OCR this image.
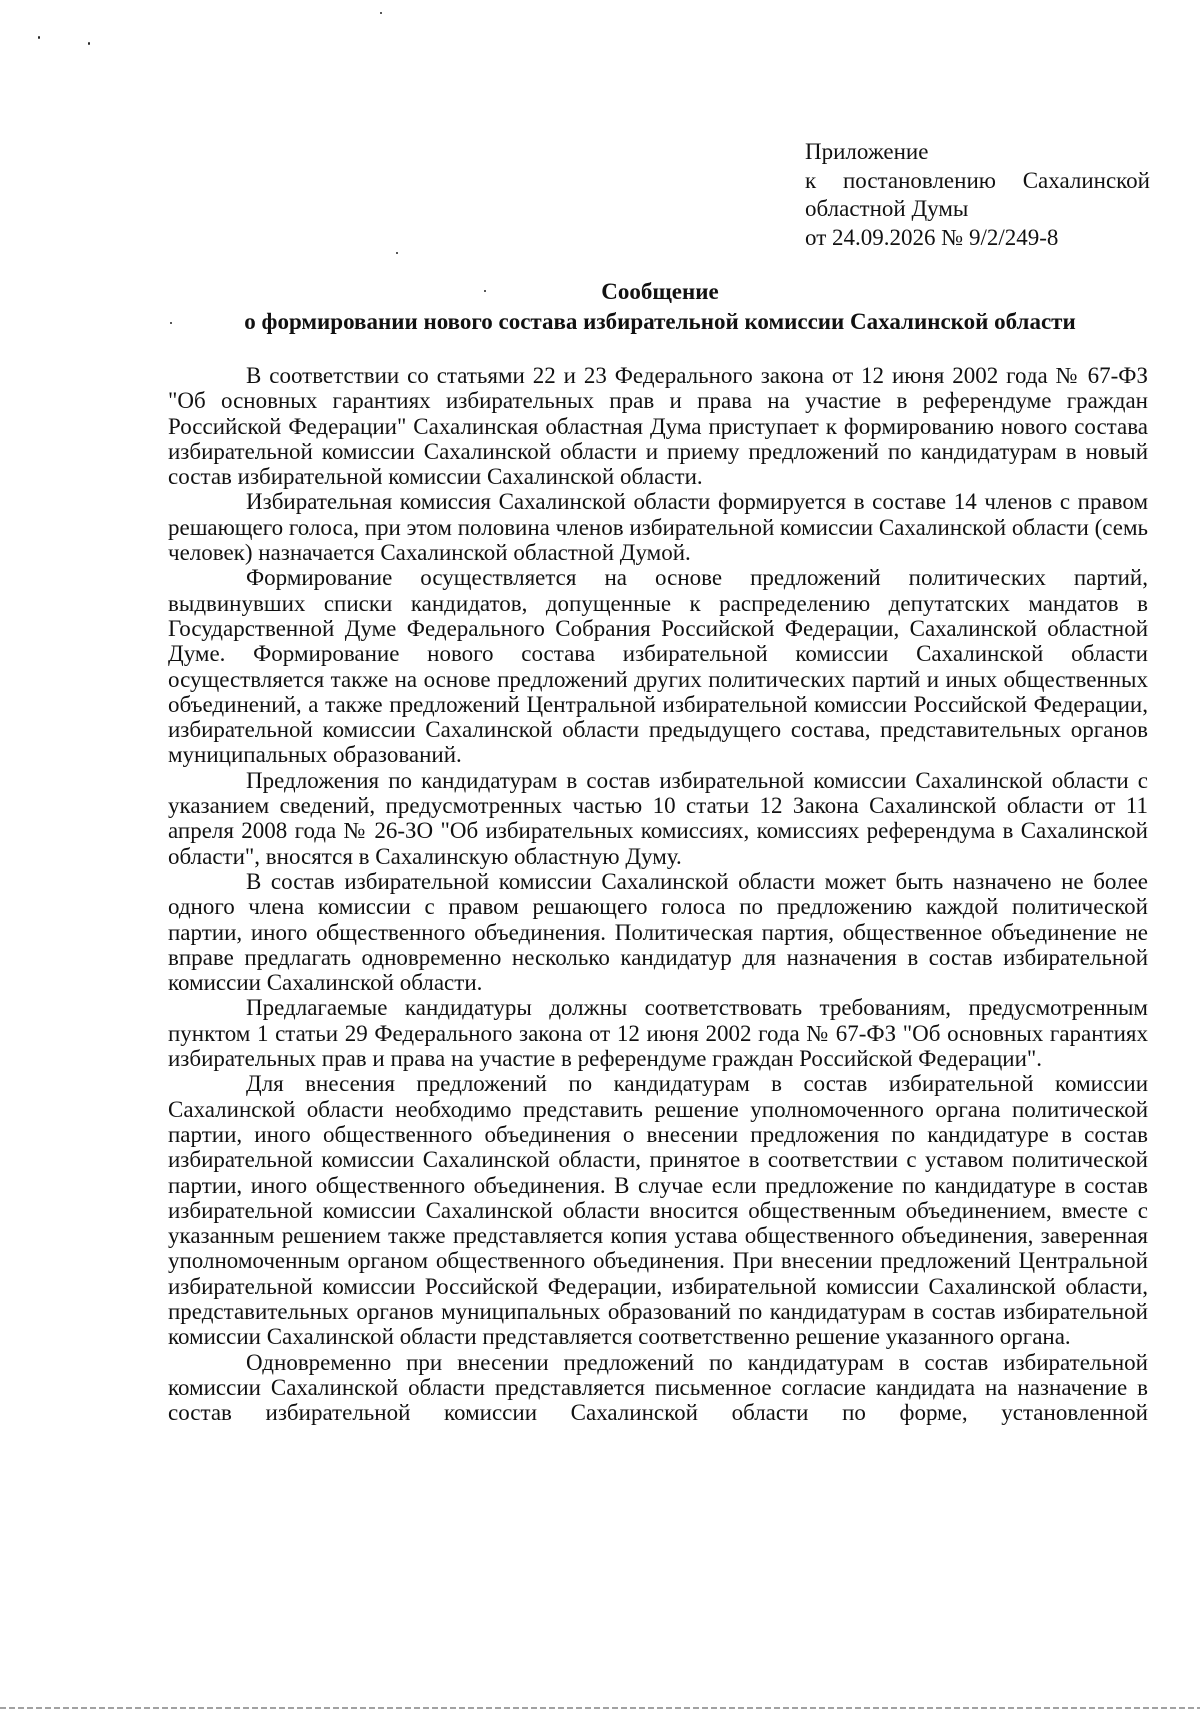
Приложение
к постановлению Сахалинской
областной Думы
от 24.09.2026 № 9/2/249-8
Сообщение
о формировании нового состава избирательной комиссии Сахалинской области

В соответствии со статьями 22 и 23 Федерального закона от 12 июня 2002 года № 67-ФЗ "Об основных гарантиях избирательных прав и права на участие в референдуме граждан Российской Федерации" Сахалинская областная Дума приступает к формированию нового состава избирательной комиссии Сахалинской области и приему предложений по кандидатурам в новый состав избирательной комиссии Сахалинской области.

Избирательная комиссия Сахалинской области формируется в составе 14 членов с правом решающего голоса, при этом половина членов избирательной комиссии Сахалинской области (семь человек) назначается Сахалинской областной Думой.

Формирование осуществляется на основе предложений политических партий, выдвинувших списки кандидатов, допущенные к распределению депутатских мандатов в Государственной Думе Федерального Собрания Российской Федерации, Сахалинской областной Думе. Формирование нового состава избирательной комиссии Сахалинской области осуществляется также на основе предложений других политических партий и иных общественных объединений, а также предложений Центральной избирательной комиссии Российской Федерации, избирательной комиссии Сахалинской области предыдущего состава, представительных органов муниципальных образований.

Предложения по кандидатурам в состав избирательной комиссии Сахалинской области с указанием сведений, предусмотренных частью 10 статьи 12 Закона Сахалинской области от 11 апреля 2008 года № 26-ЗО "Об избирательных комиссиях, комиссиях референдума в Сахалинской области", вносятся в Сахалинскую областную Думу.

В состав избирательной комиссии Сахалинской области может быть назначено не более одного члена комиссии с правом решающего голоса по предложению каждой политической партии, иного общественного объединения. Политическая партия, общественное объединение не вправе предлагать одновременно несколько кандидатур для назначения в состав избирательной комиссии Сахалинской области.

Предлагаемые кандидатуры должны соответствовать требованиям, предусмотренным пунктом 1 статьи 29 Федерального закона от 12 июня 2002 года № 67-ФЗ "Об основных гарантиях избирательных прав и права на участие в референдуме граждан Российской Федерации".

Для внесения предложений по кандидатурам в состав избирательной комиссии Сахалинской области необходимо представить решение уполномоченного органа политической партии, иного общественного объединения о внесении предложения по кандидатуре в состав избирательной комиссии Сахалинской области, принятое в соответствии с уставом политической партии, иного общественного объединения. В случае если предложение по кандидатуре в состав избирательной комиссии Сахалинской области вносится общественным объединением, вместе с указанным решением также представляется копия устава общественного объединения, заверенная уполномоченным органом общественного объединения. При внесении предложений Центральной избирательной комиссии Российской Федерации, избирательной комиссии Сахалинской области, представительных органов муниципальных образований по кандидатурам в состав избирательной комиссии Сахалинской области представляется соответственно решение указанного органа.

Одновременно при внесении предложений по кандидатурам в состав избирательной комиссии Сахалинской области представляется письменное согласие кандидата на назначение в состав избирательной комиссии Сахалинской области по форме, установленной
